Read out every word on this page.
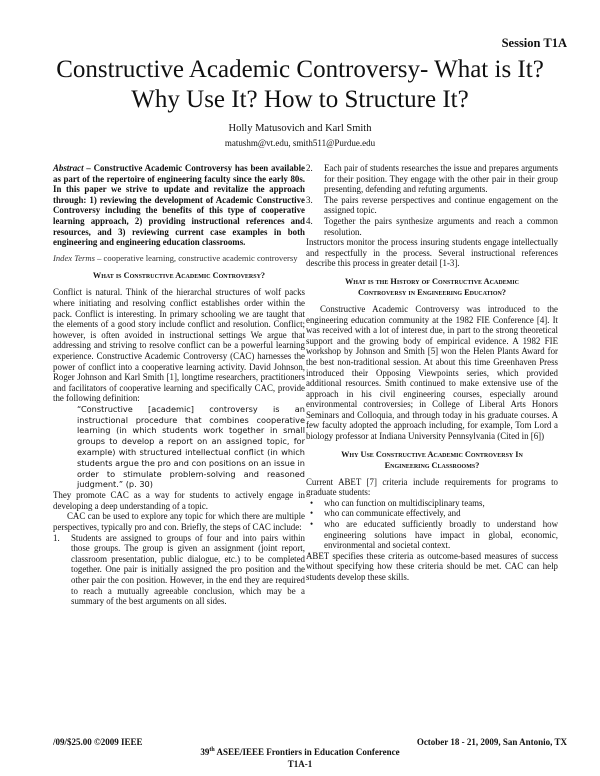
Session T1A
Constructive Academic Controversy- What is It?
Why Use It? How to Structure It?
Holly Matusovich and Karl Smith
matushm@vt.edu, smith511@Purdue.edu

Abstract – Constructive Academic Controversy has been available as part of the repertoire of engineering faculty since the early 80s. In this paper we strive to update and revitalize the approach through: 1) reviewing the development of Academic Constructive Controversy including the benefits of this type of cooperative learning approach, 2) providing instructional references and resources, and 3) reviewing current case examples in both engineering and engineering education classrooms.

Index Terms – cooperative learning, constructive academic controversy

What is Constructive Academic Controversy?

Conflict is natural. Think of the hierarchal structures of wolf packs where initiating and resolving conflict establishes order within the pack. Conflict is interesting. In primary schooling we are taught that the elements of a good story include conflict and resolution. Conflict; however, is often avoided in instructional settings We argue that addressing and striving to resolve conflict can be a powerful learning experience. Constructive Academic Controversy (CAC) harnesses the power of conflict into a cooperative learning activity. David Johnson, Roger Johnson and Karl Smith [1], longtime researchers, practitioners and facilitators of cooperative learning and specifically CAC, provide the following definition:

“Constructive [academic] controversy is an instructional procedure that combines cooperative learning (in which students work together in small groups to develop a report on an assigned topic, for example) with structured intellectual conflict (in which students argue the pro and con positions on an issue in order to stimulate problem-solving and reasoned judgment.” (p. 30)

They promote CAC as a way for students to actively engage in developing a deep understanding of a topic.

CAC can be used to explore any topic for which there are multiple perspectives, typically pro and con. Briefly, the steps of CAC include:

1.	Students are assigned to groups of four and into pairs within those groups. The group is given an assignment (joint report, classroom presentation, public dialogue, etc.) to be completed together. One pair is initially assigned the pro position and the other pair the con position. However, in the end they are required to reach a mutually agreeable conclusion, which may be a summary of the best arguments on all sides.
2.	Each pair of students researches the issue and prepares arguments for their position. They engage with the other pair in their group presenting, defending and refuting arguments.
3.	The pairs reverse perspectives and continue engagement on the assigned topic.
4.	Together the pairs synthesize arguments and reach a common resolution.

Instructors monitor the process insuring students engage intellectually and respectfully in the process. Several instructional references describe this process in greater detail [1-3].

What is the History of Constructive Academic
Controversy in Engineering Education?

Constructive Academic Controversy was introduced to the engineering education community at the 1982 FIE Conference [4]. It was received with a lot of interest due, in part to the strong theoretical support and the growing body of empirical evidence. A 1982 FIE workshop by Johnson and Smith [5] won the Helen Plants Award for the best non-traditional session. At about this time Greenhaven Press introduced their Opposing Viewpoints series, which provided additional resources. Smith continued to make extensive use of the approach in his civil engineering courses, especially around environmental controversies; in College of Liberal Arts Honors Seminars and Colloquia, and through today in his graduate courses. A few faculty adopted the approach including, for example, Tom Lord a biology professor at Indiana University Pennsylvania (Cited in [6])

Why Use Constructive Academic Controversy In
Engineering Classrooms?

Current ABET [7] criteria include requirements for programs to graduate students:

•	who can function on multidisciplinary teams,
•	who can communicate effectively, and
•	who are educated sufficiently broadly to understand how engineering solutions have impact in global, economic, environmental and societal context.

ABET specifies these criteria as outcome-based measures of success without specifying how these criteria should be met. CAC can help students develop these skills.

/09/$25.00 ©2009 IEEE	October 18 - 21, 2009, San Antonio, TX
39th ASEE/IEEE Frontiers in Education Conference
T1A-1
